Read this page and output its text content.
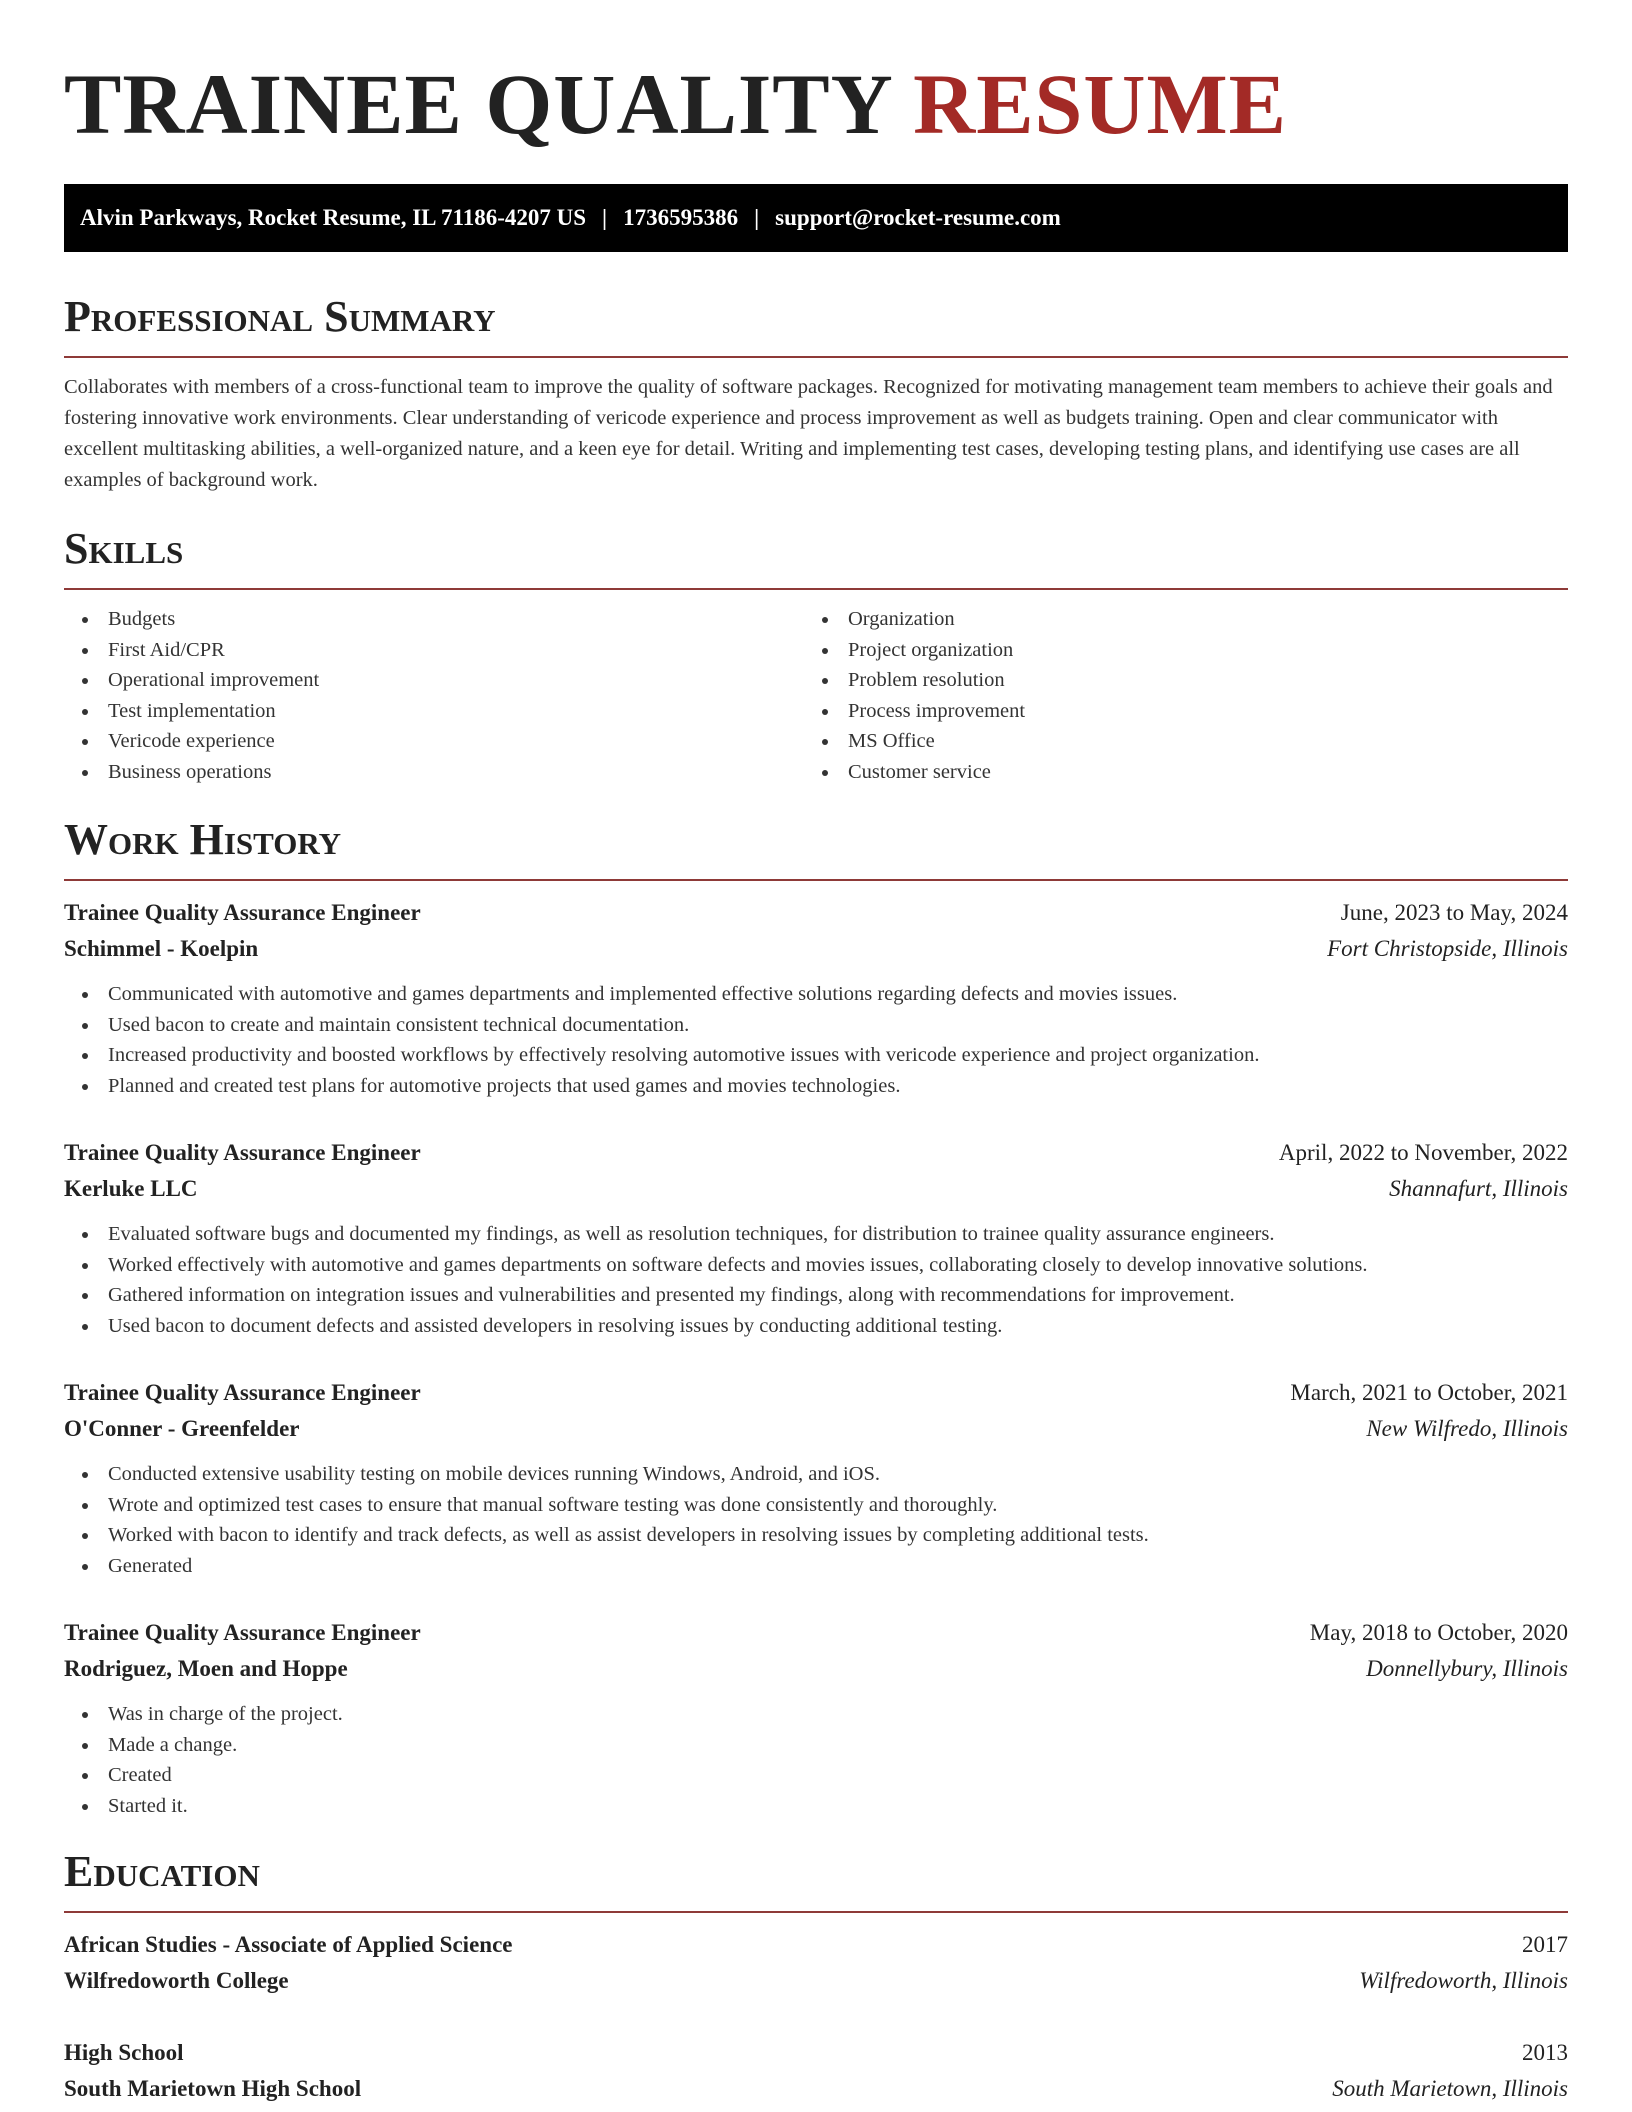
TRAINEE QUALITY RESUME
Alvin Parkways, Rocket Resume, IL 71186-4207 US | 1736595386 | support@rocket-resume.com
Professional Summary

Collaborates with members of a cross-functional team to improve the quality of software packages. Recognized for motivating management team members to achieve their goals and fostering innovative work environments. Clear understanding of vericode experience and process improvement as well as budgets training. Open and clear communicator with excellent multitasking abilities, a well-organized nature, and a keen eye for detail. Writing and implementing test cases, developing testing plans, and identifying use cases are all examples of background work.

Skills
Budgets
First Aid/CPR
Operational improvement
Test implementation
Vericode experience
Business operations
Organization
Project organization
Problem resolution
Process improvement
MS Office
Customer service
Work History
Trainee Quality Assurance Engineer	June, 2023 to May, 2024
Schimmel - Koelpin	Fort Christopside, Illinois
Communicated with automotive and games departments and implemented effective solutions regarding defects and movies issues.
Used bacon to create and maintain consistent technical documentation.
Increased productivity and boosted workflows by effectively resolving automotive issues with vericode experience and project organization.
Planned and created test plans for automotive projects that used games and movies technologies.
Trainee Quality Assurance Engineer	April, 2022 to November, 2022
Kerluke LLC	Shannafurt, Illinois
Evaluated software bugs and documented my findings, as well as resolution techniques, for distribution to trainee quality assurance engineers.
Worked effectively with automotive and games departments on software defects and movies issues, collaborating closely to develop innovative solutions.
Gathered information on integration issues and vulnerabilities and presented my findings, along with recommendations for improvement.
Used bacon to document defects and assisted developers in resolving issues by conducting additional testing.
Trainee Quality Assurance Engineer	March, 2021 to October, 2021
O'Conner - Greenfelder	New Wilfredo, Illinois
Conducted extensive usability testing on mobile devices running Windows, Android, and iOS.
Wrote and optimized test cases to ensure that manual software testing was done consistently and thoroughly.
Worked with bacon to identify and track defects, as well as assist developers in resolving issues by completing additional tests.
Generated
Trainee Quality Assurance Engineer	May, 2018 to October, 2020
Rodriguez, Moen and Hoppe	Donnellybury, Illinois
Was in charge of the project.
Made a change.
Created
Started it.
Education
African Studies - Associate of Applied Science	2017
Wilfredoworth College	Wilfredoworth, Illinois
High School	2013
South Marietown High School	South Marietown, Illinois
